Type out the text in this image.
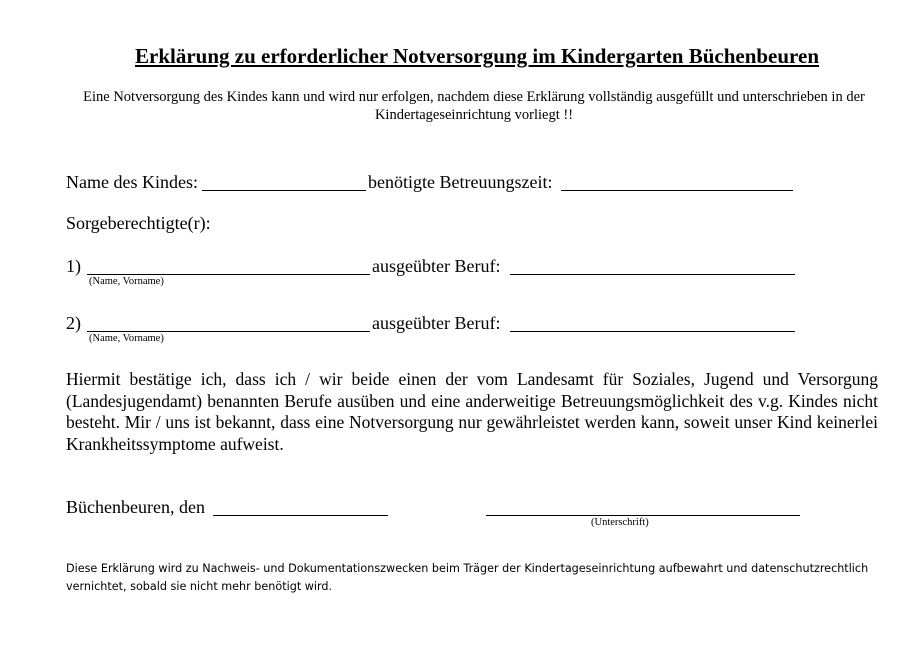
Erklärung zu erforderlicher Notversorgung im Kindergarten Büchenbeuren
Eine Notversorgung des Kindes kann und wird nur erfolgen, nachdem diese Erklärung vollständig ausgefüllt und unterschrieben in der Kindertageseinrichtung vorliegt !!
Name des Kindes:	benötigte Betreuungszeit:
Sorgeberechtigte(r):
1)
(Name, Vorname)
ausgeübter Beruf:
2)
(Name, Vorname)
ausgeübter Beruf:
Hiermit bestätige ich, dass ich / wir beide einen der vom Landesamt für Soziales, Jugend und Versorgung (Landesjugendamt) benannten Berufe ausüben und eine anderweitige Betreuungsmöglichkeit des v.g. Kindes nicht besteht. Mir / uns ist bekannt, dass eine Notversorgung nur gewährleistet werden kann, soweit unser Kind keinerlei Krankheitssymptome aufweist.
Büchenbeuren, den
(Unterschrift)
Diese Erklärung wird zu Nachweis- und Dokumentationszwecken beim Träger der Kindertageseinrichtung aufbewahrt und datenschutzrechtlich vernichtet, sobald sie nicht mehr benötigt wird.
